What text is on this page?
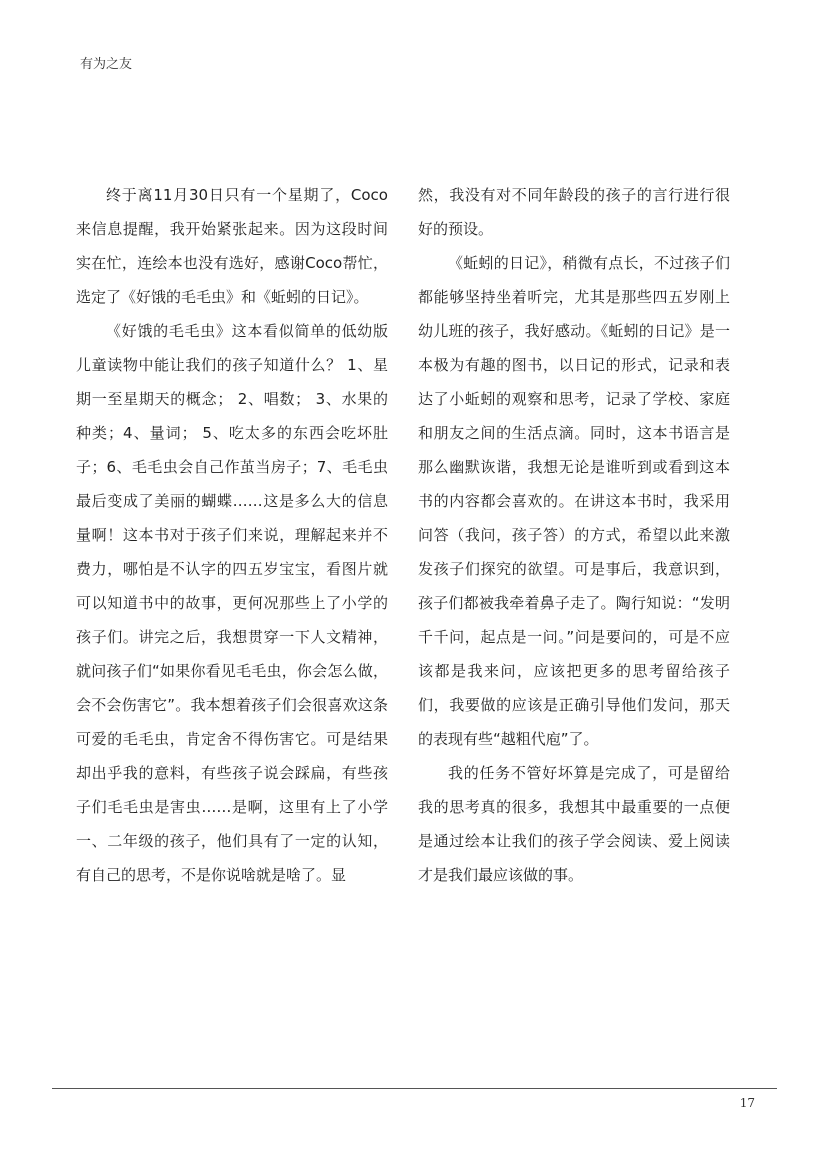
有为之友

终于离11月30日只有一个星期了，Coco来信息提醒，我开始紧张起来。因为这段时间实在忙，连绘本也没有选好，感谢Coco帮忙，选定了《好饿的毛毛虫》和《蚯蚓的日记》。

《好饿的毛毛虫》这本看似简单的低幼版儿童读物中能让我们的孩子知道什么？ 1、星期一至星期天的概念； 2、唱数； 3、水果的种类；4、量词； 5、吃太多的东西会吃坏肚子；6、毛毛虫会自己作茧当房子；7、毛毛虫最后变成了美丽的蝴蝶……这是多么大的信息量啊！这本书对于孩子们来说，理解起来并不费力，哪怕是不认字的四五岁宝宝，看图片就可以知道书中的故事，更何况那些上了小学的孩子们。讲完之后，我想贯穿一下人文精神，就问孩子们“如果你看见毛毛虫，你会怎么做，会不会伤害它”。我本想着孩子们会很喜欢这条可爱的毛毛虫，肯定舍不得伤害它。可是结果却出乎我的意料，有些孩子说会踩扁，有些孩子们毛毛虫是害虫……是啊，这里有上了小学一、二年级的孩子，他们具有了一定的认知，有自己的思考，不是你说啥就是啥了。显

然，我没有对不同年龄段的孩子的言行进行很好的预设。

《蚯蚓的日记》，稍微有点长，不过孩子们都能够坚持坐着听完，尤其是那些四五岁刚上幼儿班的孩子，我好感动。《蚯蚓的日记》是一本极为有趣的图书，以日记的形式，记录和表达了小蚯蚓的观察和思考，记录了学校、家庭和朋友之间的生活点滴。同时，这本书语言是那么幽默诙谐，我想无论是谁听到或看到这本书的内容都会喜欢的。在讲这本书时，我采用问答（我问，孩子答）的方式，希望以此来激发孩子们探究的欲望。可是事后，我意识到，孩子们都被我牵着鼻子走了。陶行知说：“发明千千问，起点是一问。”问是要问的，可是不应该都是我来问，应该把更多的思考留给孩子们，我要做的应该是正确引导他们发问，那天的表现有些“越粗代庖”了。

我的任务不管好坏算是完成了，可是留给我的思考真的很多，我想其中最重要的一点便是通过绘本让我们的孩子学会阅读、爱上阅读才是我们最应该做的事。

17
